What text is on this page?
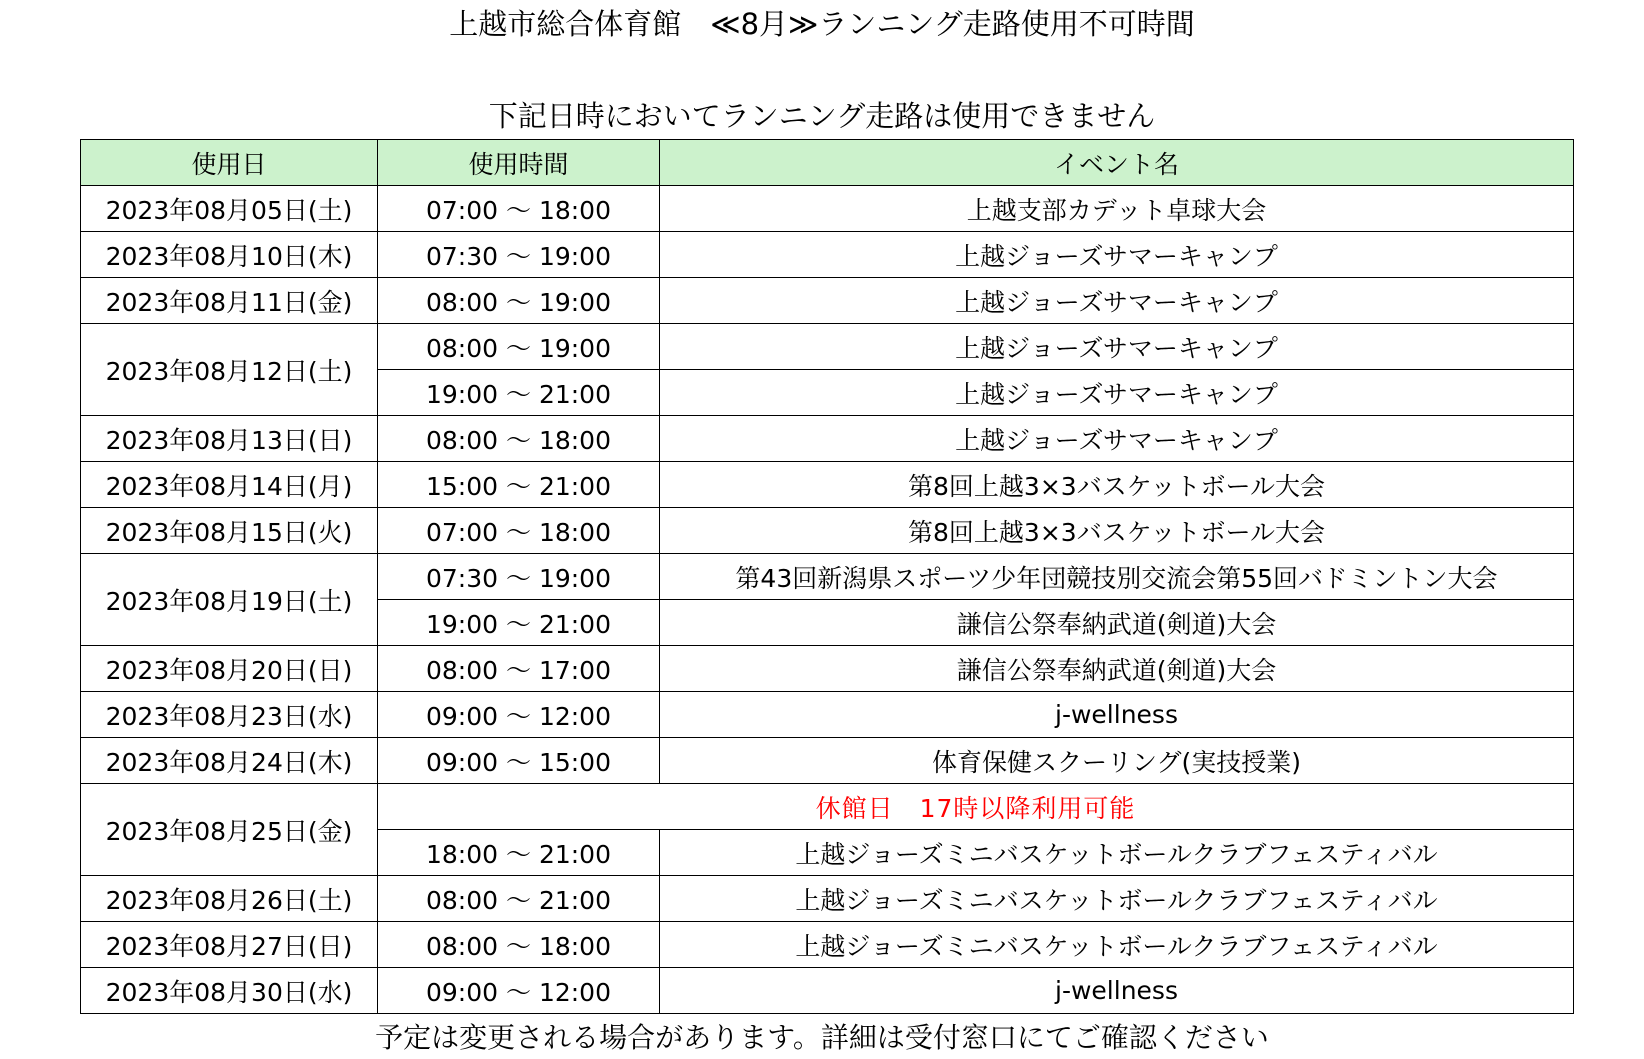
上越市総合体育館　≪8月≫ランニング走路使用不可時間
下記日時においてランニング走路は使用できません
使用日	使用時間	イベント名
2023年08月05日(土)	07:00 ～ 18:00	上越支部カデット卓球大会
2023年08月10日(木)	07:30 ～ 19:00	上越ジョーズサマーキャンプ
2023年08月11日(金)	08:00 ～ 19:00	上越ジョーズサマーキャンプ
2023年08月12日(土)	08:00 ～ 19:00	上越ジョーズサマーキャンプ
	19:00 ～ 21:00	上越ジョーズサマーキャンプ
2023年08月13日(日)	08:00 ～ 18:00	上越ジョーズサマーキャンプ
2023年08月14日(月)	15:00 ～ 21:00	第8回上越3×3バスケットボール大会
2023年08月15日(火)	07:00 ～ 18:00	第8回上越3×3バスケットボール大会
2023年08月19日(土)	07:30 ～ 19:00	第43回新潟県スポーツ少年団競技別交流会第55回バドミントン大会
	19:00 ～ 21:00	謙信公祭奉納武道(剣道)大会
2023年08月20日(日)	08:00 ～ 17:00	謙信公祭奉納武道(剣道)大会
2023年08月23日(水)	09:00 ～ 12:00	j-wellness
2023年08月24日(木)	09:00 ～ 15:00	体育保健スクーリング(実技授業)
2023年08月25日(金)	休館日　17時以降利用可能	
	18:00 ～ 21:00	上越ジョーズミニバスケットボールクラブフェスティバル
2023年08月26日(土)	08:00 ～ 21:00	上越ジョーズミニバスケットボールクラブフェスティバル
2023年08月27日(日)	08:00 ～ 18:00	上越ジョーズミニバスケットボールクラブフェスティバル
2023年08月30日(水)	09:00 ～ 12:00	j-wellness
予定は変更される場合があります。詳細は受付窓口にてご確認ください
